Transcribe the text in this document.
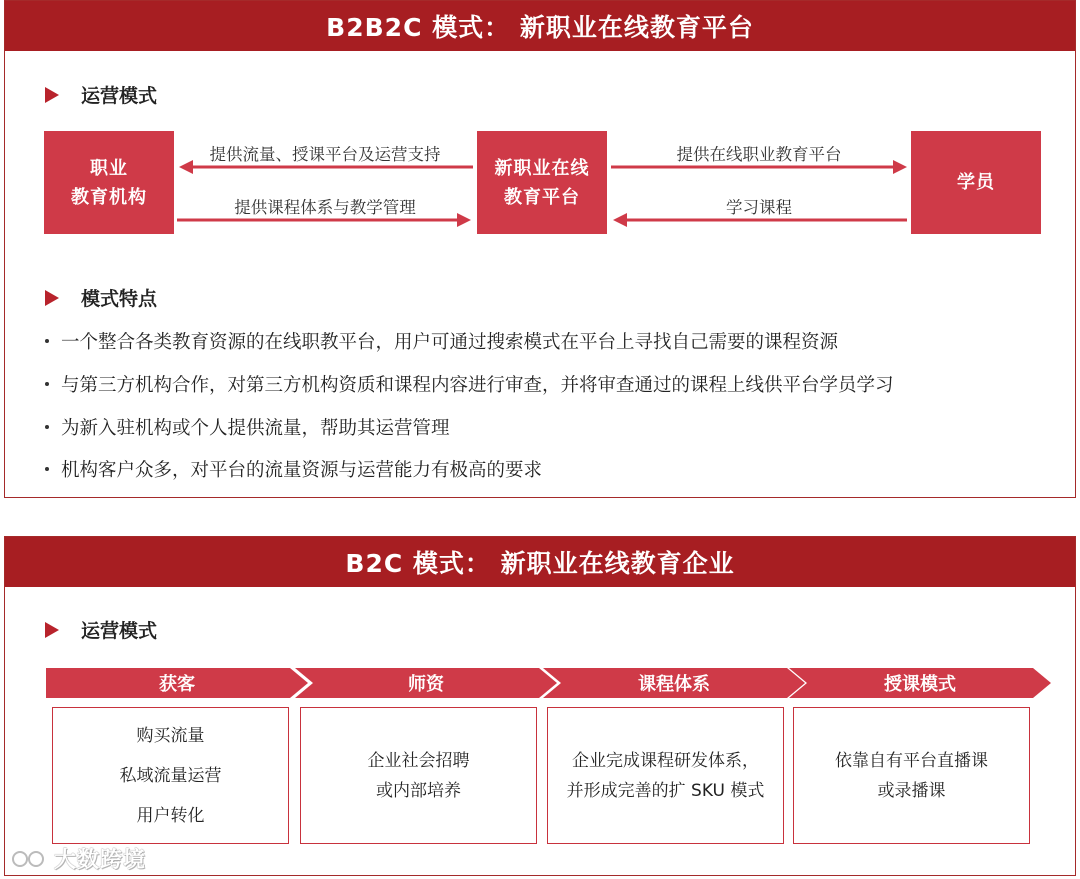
B2B2C 模式： 新职业在线教育平台
运营模式
职业
教育机构
新职业在线
教育平台
学员
提供流量、授课平台及运营支持
提供课程体系与教学管理
提供在线职业教育平台
学习课程
模式特点
一个整合各类教育资源的在线职教平台，用户可通过搜索模式在平台上寻找自己需要的课程资源
与第三方机构合作，对第三方机构资质和课程内容进行审查，并将审查通过的课程上线供平台学员学习
为新入驻机构或个人提供流量，帮助其运营管理
机构客户众多，对平台的流量资源与运营能力有极高的要求
B2C 模式： 新职业在线教育企业
运营模式
获客	师资	课程体系	授课模式
购买流量
私域流量运营
用户转化
企业社会招聘
或内部培养
企业完成课程研发体系，
并形成完善的扩 SKU 模式
依靠自有平台直播课
或录播课
大数跨境
